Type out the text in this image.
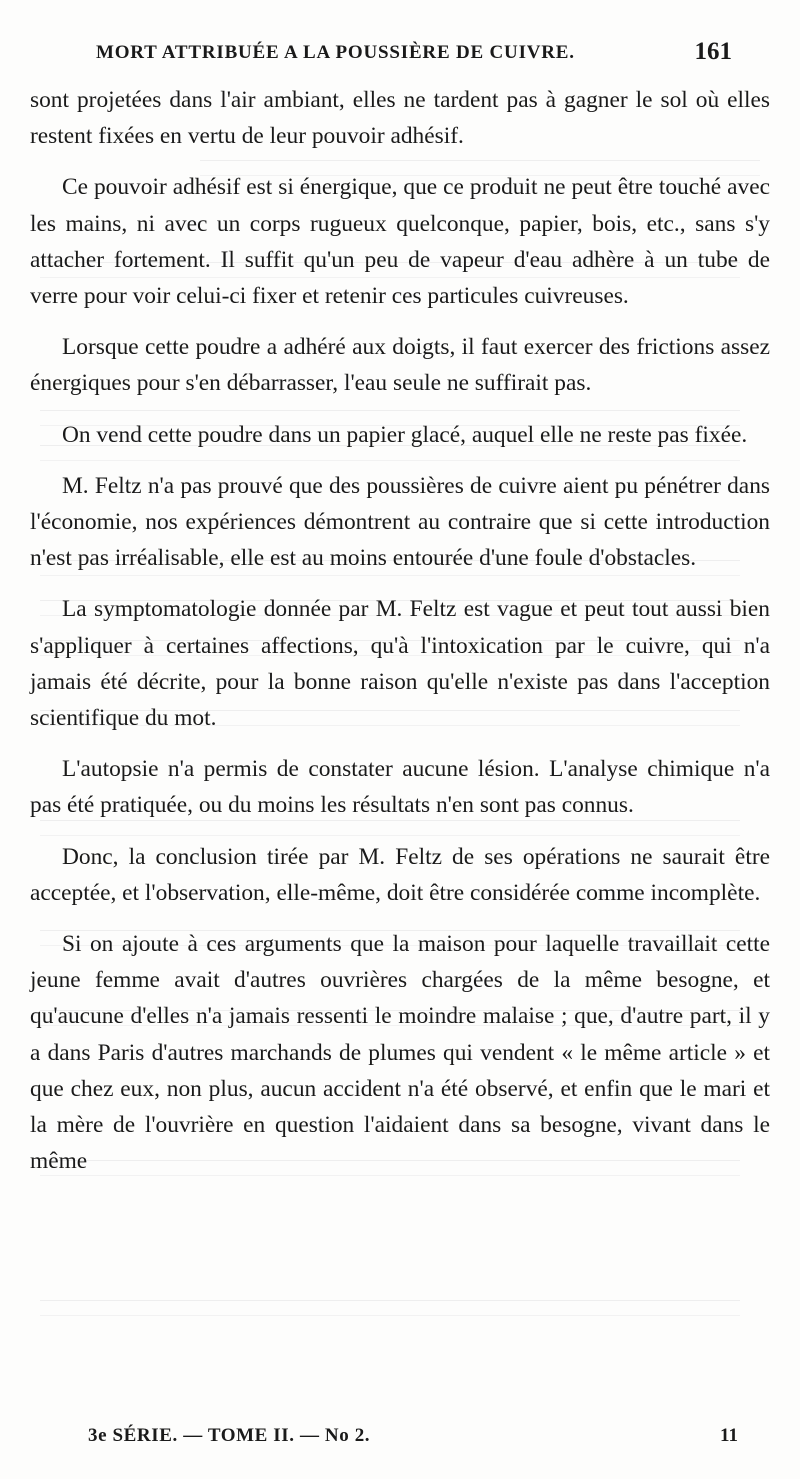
MORT ATTRIBUÉE A LA POUSSIÈRE DE CUIVRE.	161

sont projetées dans l'air ambiant, elles ne tardent pas à gagner le sol où elles restent fixées en vertu de leur pouvoir adhésif.

Ce pouvoir adhésif est si énergique, que ce produit ne peut être touché avec les mains, ni avec un corps rugueux quelconque, papier, bois, etc., sans s'y attacher fortement. Il suffit qu'un peu de vapeur d'eau adhère à un tube de verre pour voir celui-ci fixer et retenir ces particules cuivreuses.

Lorsque cette poudre a adhéré aux doigts, il faut exercer des frictions assez énergiques pour s'en débarrasser, l'eau seule ne suffirait pas.

On vend cette poudre dans un papier glacé, auquel elle ne reste pas fixée.

M. Feltz n'a pas prouvé que des poussières de cuivre aient pu pénétrer dans l'économie, nos expériences démontrent au contraire que si cette introduction n'est pas irréalisable, elle est au moins entourée d'une foule d'obstacles.

La symptomatologie donnée par M. Feltz est vague et peut tout aussi bien s'appliquer à certaines affections, qu'à l'intoxication par le cuivre, qui n'a jamais été décrite, pour la bonne raison qu'elle n'existe pas dans l'acception scientifique du mot.

L'autopsie n'a permis de constater aucune lésion. L'analyse chimique n'a pas été pratiquée, ou du moins les résultats n'en sont pas connus.

Donc, la conclusion tirée par M. Feltz de ses opérations ne saurait être acceptée, et l'observation, elle-même, doit être considérée comme incomplète.

Si on ajoute à ces arguments que la maison pour laquelle travaillait cette jeune femme avait d'autres ouvrières chargées de la même besogne, et qu'aucune d'elles n'a jamais ressenti le moindre malaise ; que, d'autre part, il y a dans Paris d'autres marchands de plumes qui vendent « le même article » et que chez eux, non plus, aucun accident n'a été observé, et enfin que le mari et la mère de l'ouvrière en question l'aidaient dans sa besogne, vivant dans le même

3e SÉRIE. — TOME II. — No 2.	11
